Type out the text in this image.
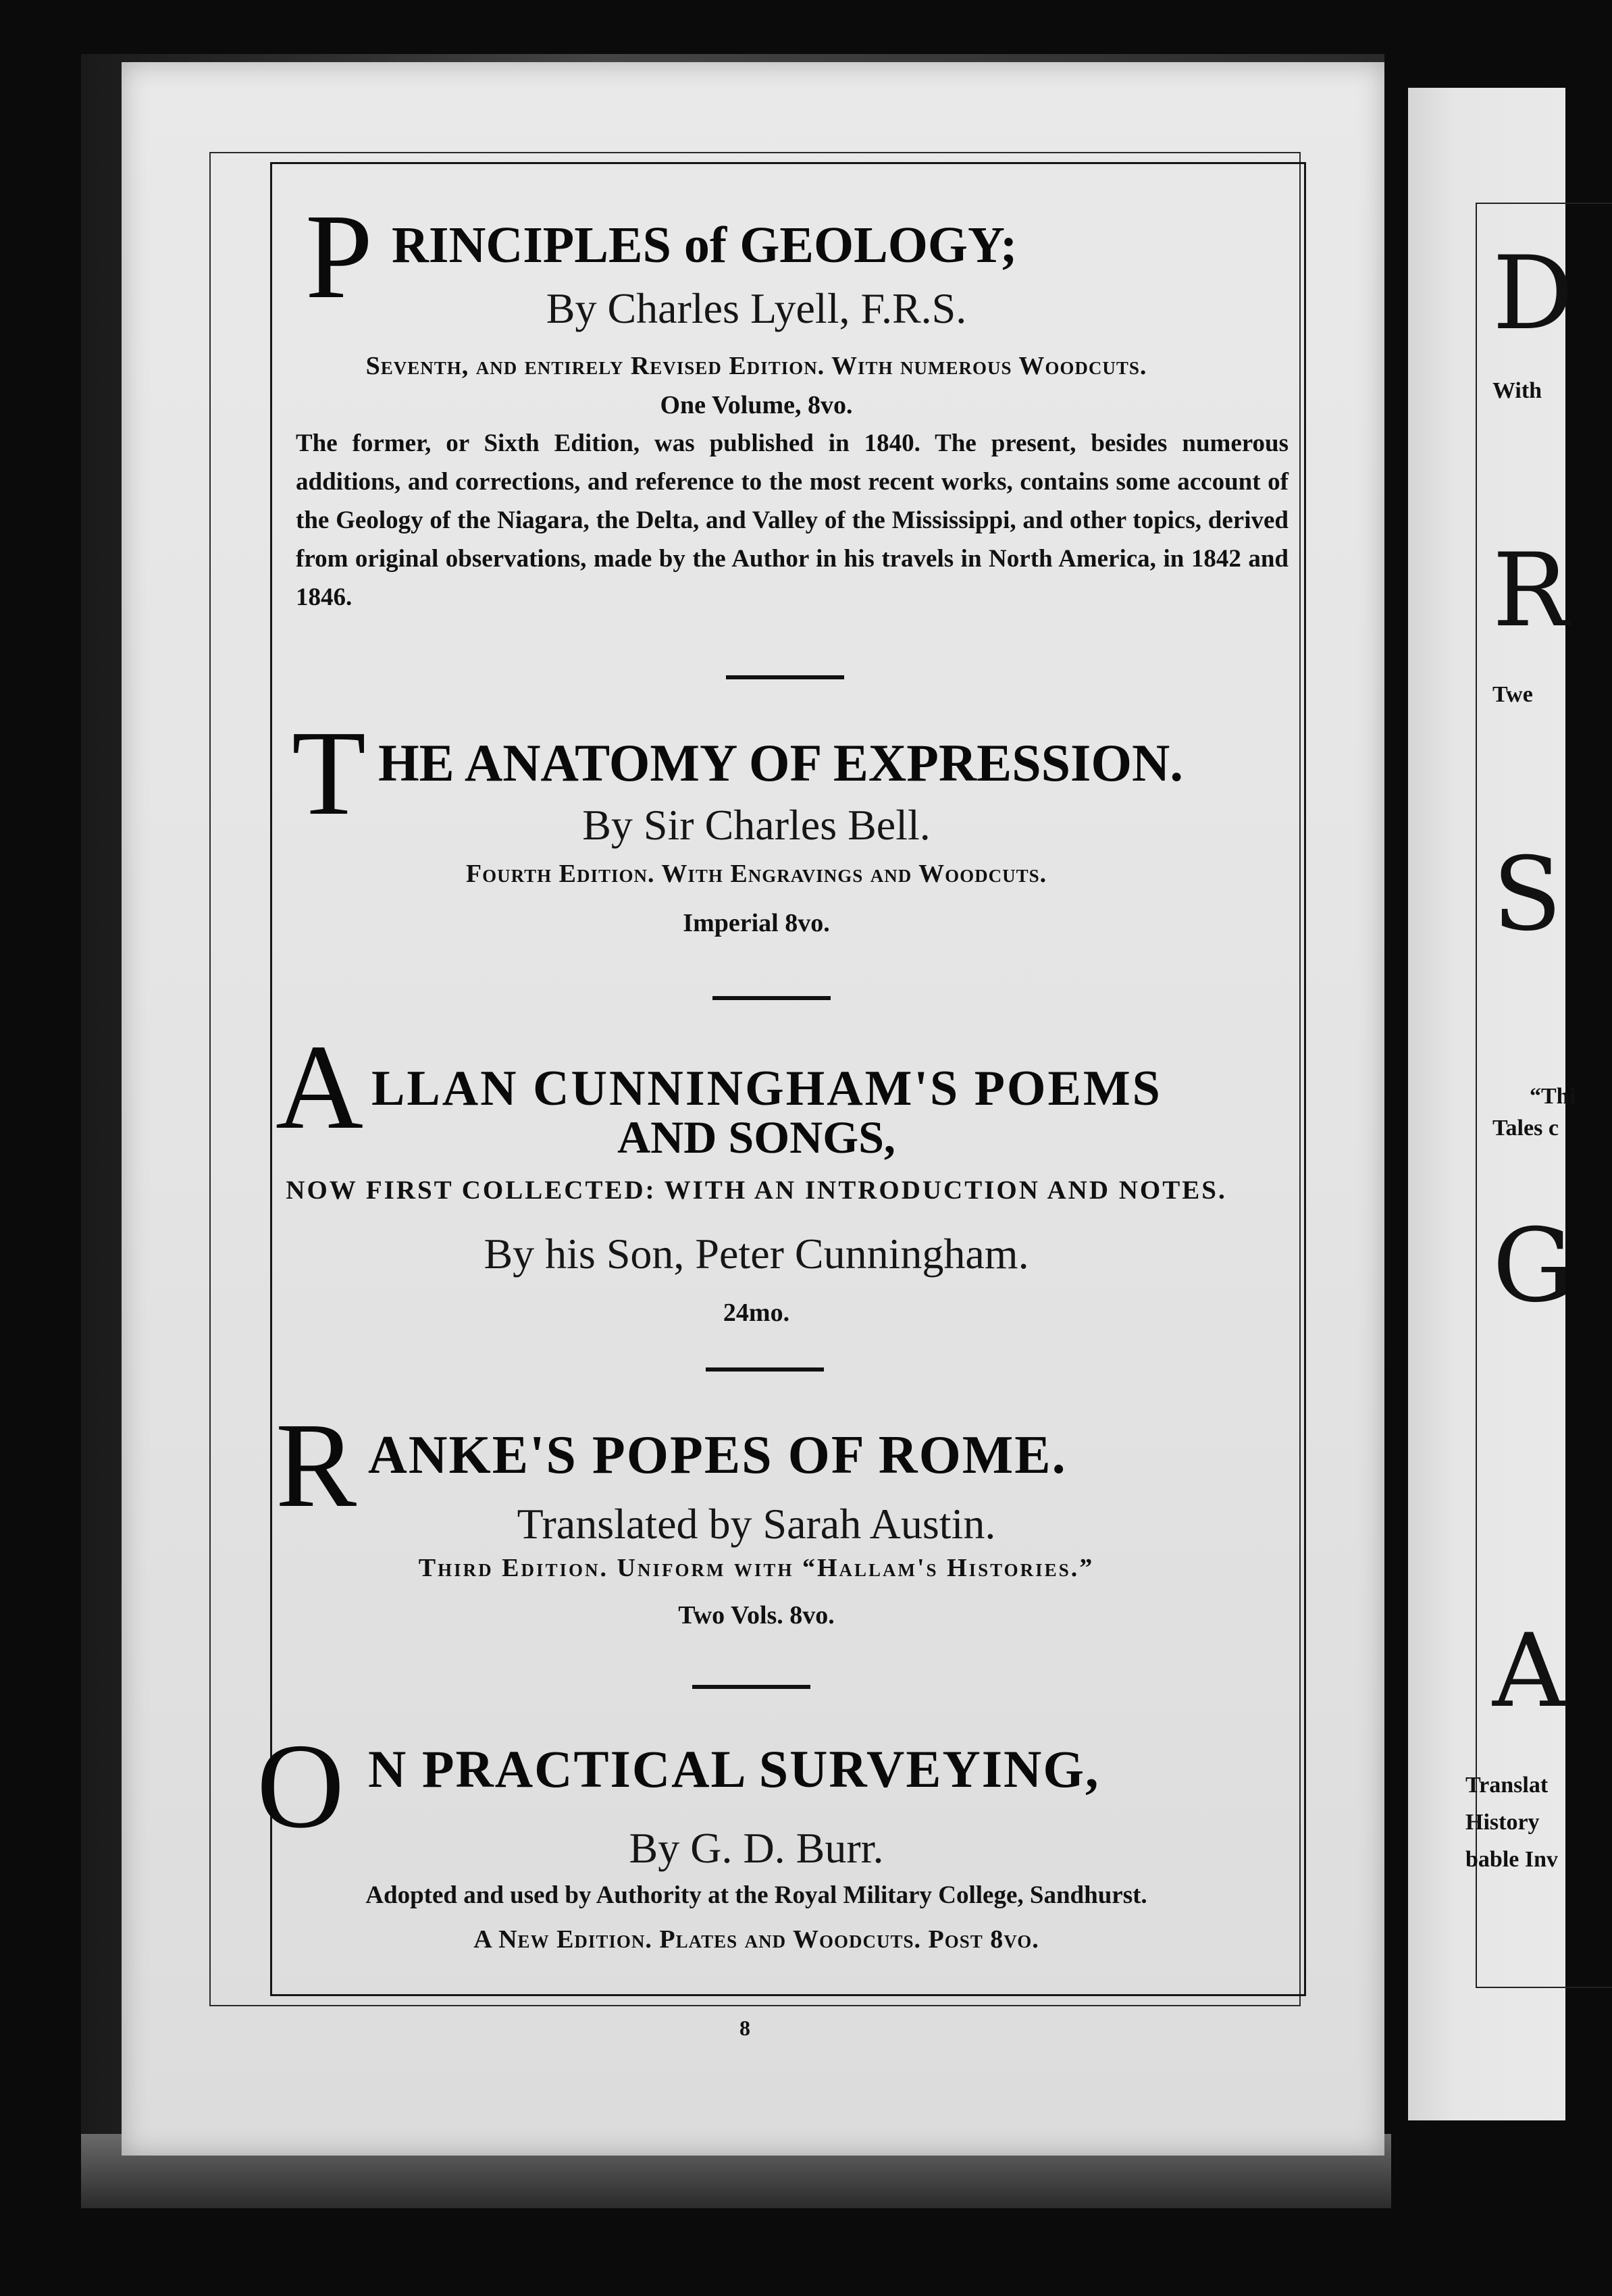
D
With
R
Twe
S
“Thi
Tales c
G
A
Translat
History
bable Inv
P RINCIPLES of GEOLOGY;
By Charles Lyell, F.R.S.
Seventh, and entirely Revised Edition. With numerous Woodcuts.
One Volume, 8vo.
The former, or Sixth Edition, was published in 1840. The present, besides numerous additions, and corrections, and reference to the most recent works, contains some account of the Geology of the Niagara, the Delta, and Valley of the Mississippi, and other topics, derived from original observations, made by the Author in his travels in North America, in 1842 and 1846.
T HE ANATOMY OF EXPRESSION.
By Sir Charles Bell.
Fourth Edition. With Engravings and Woodcuts.
Imperial 8vo.
A LLAN CUNNINGHAM'S POEMS
AND SONGS,
NOW FIRST COLLECTED: WITH AN INTRODUCTION AND NOTES.
By his Son, Peter Cunningham.
24mo.
R ANKE'S POPES OF ROME.
Translated by Sarah Austin.
Third Edition. Uniform with “Hallam's Histories.”
Two Vols. 8vo.
O N PRACTICAL SURVEYING,
By G. D. Burr.
Adopted and used by Authority at the Royal Military College, Sandhurst.
A New Edition. Plates and Woodcuts. Post 8vo.
8
